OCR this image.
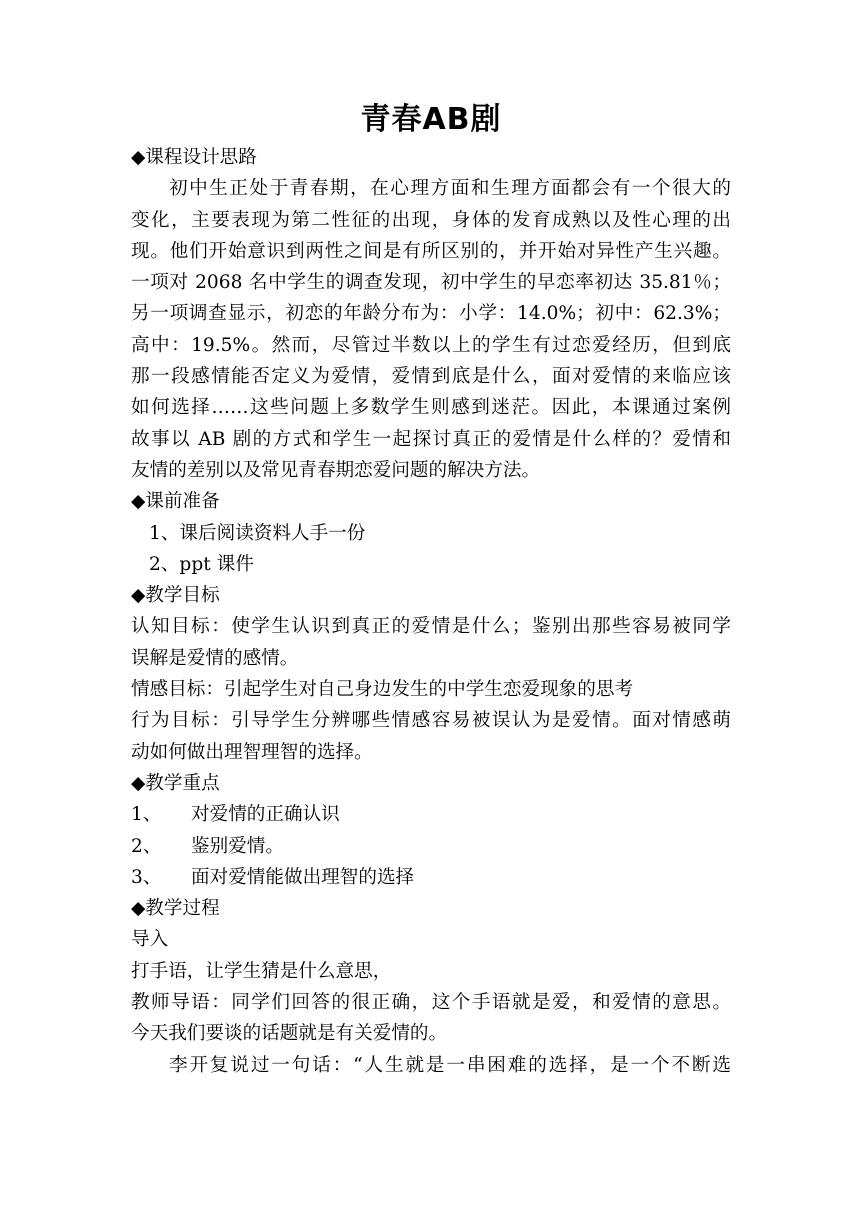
青春AB剧
◆课程设计思路
初中生正处于青春期，在心理方面和生理方面都会有一个很大的
变化，主要表现为第二性征的出现，身体的发育成熟以及性心理的出
现。他们开始意识到两性之间是有所区别的，并开始对异性产生兴趣。
一项对 2068 名中学生的调查发现，初中学生的早恋率初达 35.81％；
另一项调查显示，初恋的年龄分布为：小学：14.0%；初中：62.3%；
高中：19.5%。然而，尽管过半数以上的学生有过恋爱经历，但到底
那一段感情能否定义为爱情，爱情到底是什么，面对爱情的来临应该
如何选择……这些问题上多数学生则感到迷茫。因此，本课通过案例
故事以 AB 剧的方式和学生一起探讨真正的爱情是什么样的？爱情和
友情的差别以及常见青春期恋爱问题的解决方法。
◆课前准备
1、课后阅读资料人手一份
2、ppt 课件
◆教学目标
认知目标：使学生认识到真正的爱情是什么；鉴别出那些容易被同学
误解是爱情的感情。
情感目标：引起学生对自己身边发生的中学生恋爱现象的思考
行为目标：引导学生分辨哪些情感容易被误认为是爱情。面对情感萌
动如何做出理智理智的选择。
◆教学重点
1、 对爱情的正确认识
2、 鉴别爱情。
3、 面对爱情能做出理智的选择
◆教学过程
导入
打手语，让学生猜是什么意思，
教师导语：同学们回答的很正确，这个手语就是爱，和爱情的意思。
今天我们要谈的话题就是有关爱情的。
李开复说过一句话：“人生就是一串困难的选择，是一个不断选
